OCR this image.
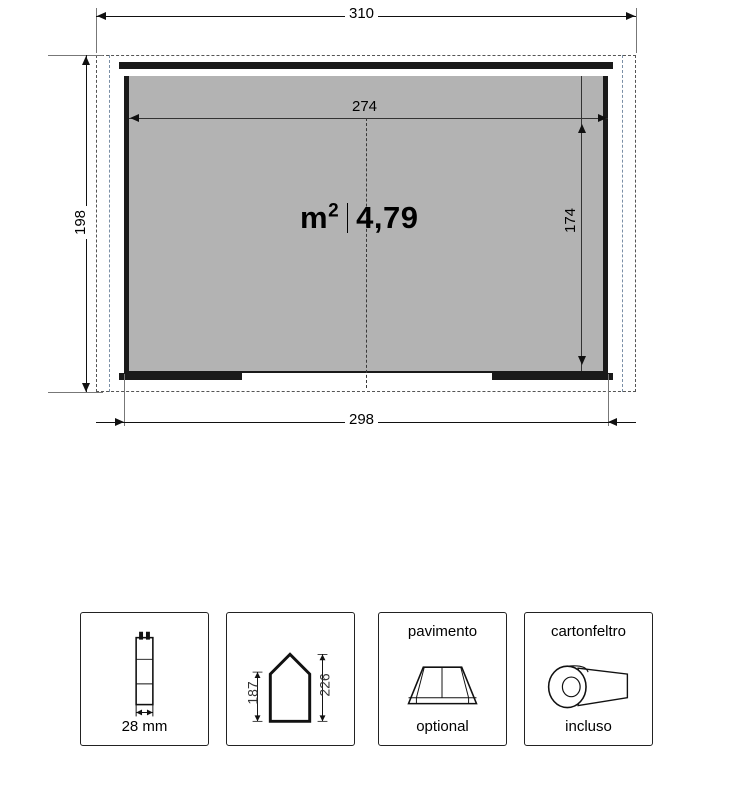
310
274
174
198
298
$m^2$ 4,79
28 mm
187	226
pavimento
optional
cartonfeltro
incluso
